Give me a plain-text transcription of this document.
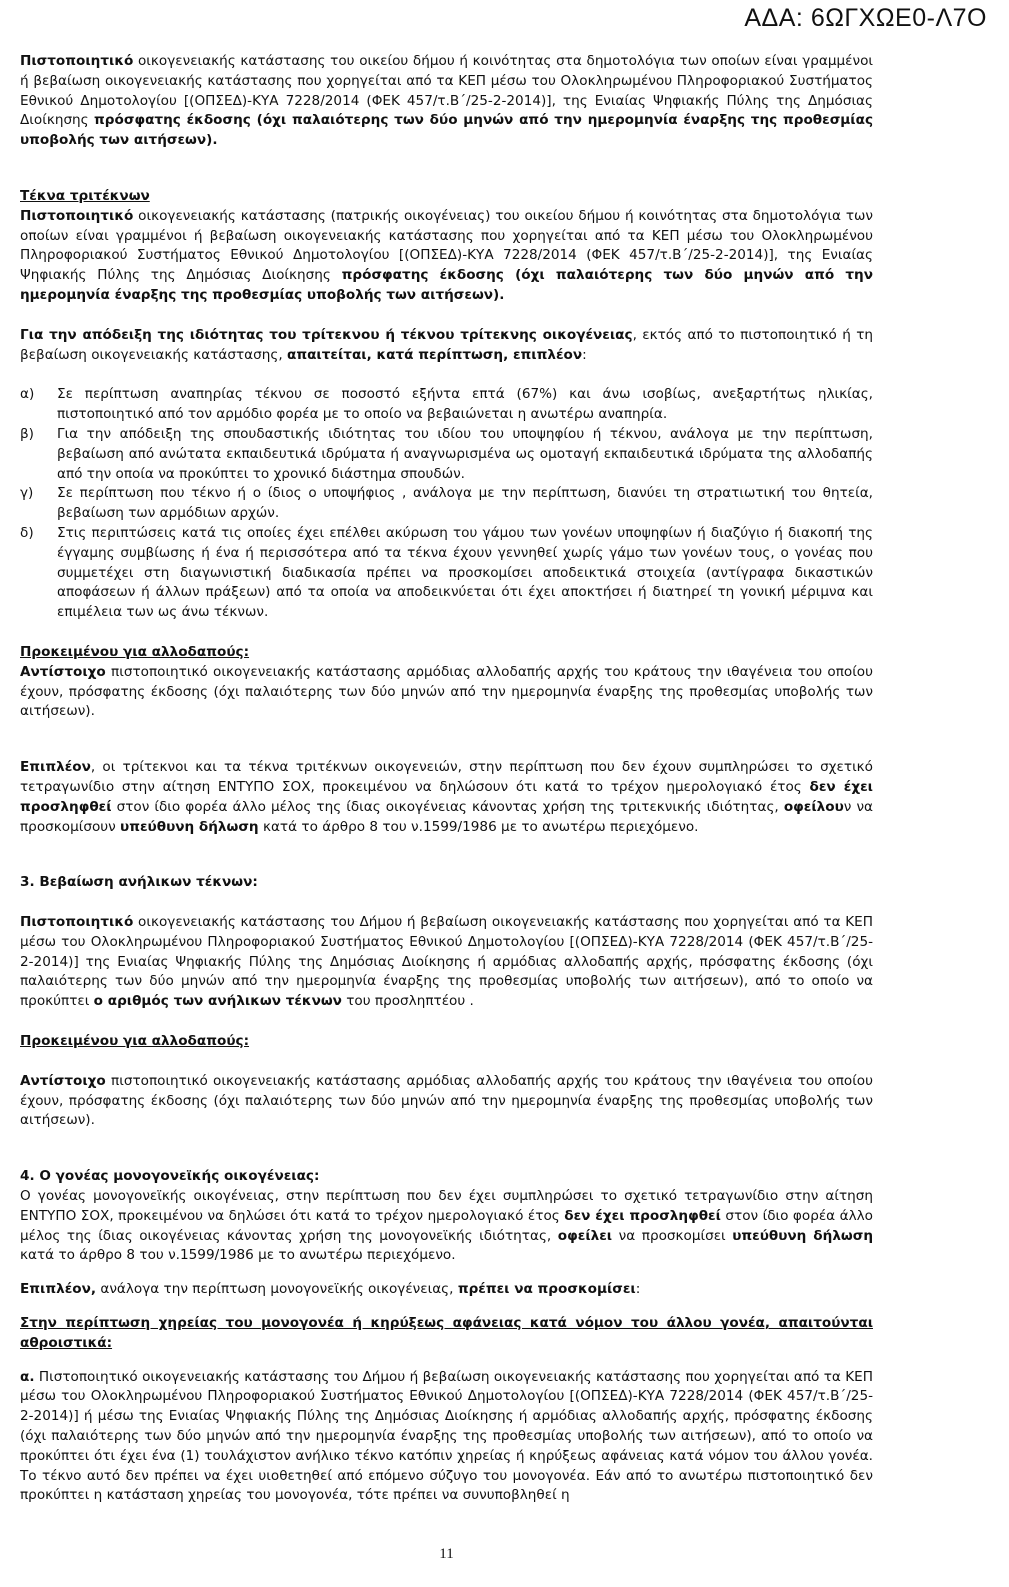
ΑΔΑ: 6ΩΓΧΩΕ0-Λ7Ο

Πιστοποιητικό οικογενειακής κατάστασης του οικείου δήμου ή κοινότητας στα δημοτολόγια των οποίων είναι γραμμένοι ή βεβαίωση οικογενειακής κατάστασης που χορηγείται από τα ΚΕΠ μέσω του Ολοκληρωμένου Πληροφοριακού Συστήματος Εθνικού Δημοτολογίου [(ΟΠΣΕΔ)-ΚΥΑ 7228/2014 (ΦΕΚ 457/τ.Β΄/25-2-2014)], της Ενιαίας Ψηφιακής Πύλης της Δημόσιας Διοίκησης πρόσφατης έκδοσης (όχι παλαιότερης των δύο μηνών από την ημερομηνία έναρξης της προθεσμίας υποβολής των αιτήσεων).

Τέκνα τριτέκνων

Πιστοποιητικό οικογενειακής κατάστασης (πατρικής οικογένειας) του οικείου δήμου ή κοινότητας στα δημοτολόγια των οποίων είναι γραμμένοι ή βεβαίωση οικογενειακής κατάστασης που χορηγείται από τα ΚΕΠ μέσω του Ολοκληρωμένου Πληροφοριακού Συστήματος Εθνικού Δημοτολογίου [(ΟΠΣΕΔ)-ΚΥΑ 7228/2014 (ΦΕΚ 457/τ.Β΄/25-2-2014)], της Ενιαίας Ψηφιακής Πύλης της Δημόσιας Διοίκησης πρόσφατης έκδοσης (όχι παλαιότερης των δύο μηνών από την ημερομηνία έναρξης της προθεσμίας υποβολής των αιτήσεων).

Για την απόδειξη της ιδιότητας του τρίτεκνου ή τέκνου τρίτεκνης οικογένειας, εκτός από το πιστοποιητικό ή τη βεβαίωση οικογενειακής κατάστασης, απαιτείται, κατά περίπτωση, επιπλέον:

α)	Σε περίπτωση αναπηρίας τέκνου σε ποσοστό εξήντα επτά (67%) και άνω ισοβίως, ανεξαρτήτως ηλικίας, πιστοποιητικό από τον αρμόδιο φορέα με το οποίο να βεβαιώνεται η ανωτέρω αναπηρία.
β)	Για την απόδειξη της σπουδαστικής ιδιότητας του ιδίου του υποψηφίου ή τέκνου, ανάλογα με την περίπτωση, βεβαίωση από ανώτατα εκπαιδευτικά ιδρύματα ή αναγνωρισμένα ως ομοταγή εκπαιδευτικά ιδρύματα της αλλοδαπής από την οποία να προκύπτει το χρονικό διάστημα σπουδών.
γ)	Σε περίπτωση που τέκνο ή ο ίδιος ο υποψήφιος , ανάλογα με την περίπτωση, διανύει τη στρατιωτική του θητεία, βεβαίωση των αρμόδιων αρχών.
δ)	Στις περιπτώσεις κατά τις οποίες έχει επέλθει ακύρωση του γάμου των γονέων υποψηφίων ή διαζύγιο ή διακοπή της έγγαμης συμβίωσης ή ένα ή περισσότερα από τα τέκνα έχουν γεννηθεί χωρίς γάμο των γονέων τους, ο γονέας που συμμετέχει στη διαγωνιστική διαδικασία πρέπει να προσκομίσει αποδεικτικά στοιχεία (αντίγραφα δικαστικών αποφάσεων ή άλλων πράξεων) από τα οποία να αποδεικνύεται ότι έχει αποκτήσει ή διατηρεί τη γονική μέριμνα και επιμέλεια των ως άνω τέκνων.

Προκειμένου για αλλοδαπούς:

Αντίστοιχο πιστοποιητικό οικογενειακής κατάστασης αρμόδιας αλλοδαπής αρχής του κράτους την ιθαγένεια του οποίου έχουν, πρόσφατης έκδοσης (όχι παλαιότερης των δύο μηνών από την ημερομηνία έναρξης της προθεσμίας υποβολής των αιτήσεων).

Επιπλέον, οι τρίτεκνοι και τα τέκνα τριτέκνων οικογενειών, στην περίπτωση που δεν έχουν συμπληρώσει το σχετικό τετραγωνίδιο στην αίτηση ΕΝΤΥΠΟ ΣΟΧ, προκειμένου να δηλώσουν ότι κατά το τρέχον ημερολογιακό έτος δεν έχει προσληφθεί στον ίδιο φορέα άλλο μέλος της ίδιας οικογένειας κάνοντας χρήση της τριτεκνικής ιδιότητας, οφείλουν να προσκομίσουν υπεύθυνη δήλωση κατά το άρθρο 8 του ν.1599/1986 με το ανωτέρω περιεχόμενο.

3. Βεβαίωση ανήλικων τέκνων:

Πιστοποιητικό οικογενειακής κατάστασης του Δήμου ή βεβαίωση οικογενειακής κατάστασης που χορηγείται από τα ΚΕΠ μέσω του Ολοκληρωμένου Πληροφοριακού Συστήματος Εθνικού Δημοτολογίου [(ΟΠΣΕΔ)-ΚΥΑ 7228/2014 (ΦΕΚ 457/τ.Β΄/25-2-2014)] της Ενιαίας Ψηφιακής Πύλης της Δημόσιας Διοίκησης ή αρμόδιας αλλοδαπής αρχής, πρόσφατης έκδοσης (όχι παλαιότερης των δύο μηνών από την ημερομηνία έναρξης της προθεσμίας υποβολής των αιτήσεων), από το οποίο να προκύπτει ο αριθμός των ανήλικων τέκνων του προσληπτέου .

Προκειμένου για αλλοδαπούς:

Αντίστοιχο πιστοποιητικό οικογενειακής κατάστασης αρμόδιας αλλοδαπής αρχής του κράτους την ιθαγένεια του οποίου έχουν, πρόσφατης έκδοσης (όχι παλαιότερης των δύο μηνών από την ημερομηνία έναρξης της προθεσμίας υποβολής των αιτήσεων).

4. Ο γονέας μονογονεϊκής οικογένειας:

Ο γονέας μονογονεϊκής οικογένειας, στην περίπτωση που δεν έχει συμπληρώσει το σχετικό τετραγωνίδιο στην αίτηση ΕΝΤΥΠΟ ΣΟΧ, προκειμένου να δηλώσει ότι κατά το τρέχον ημερολογιακό έτος δεν έχει προσληφθεί στον ίδιο φορέα άλλο μέλος της ίδιας οικογένειας κάνοντας χρήση της μονογονεϊκής ιδιότητας, οφείλει να προσκομίσει υπεύθυνη δήλωση κατά το άρθρο 8 του ν.1599/1986 με το ανωτέρω περιεχόμενο.

Επιπλέον, ανάλογα την περίπτωση μονογονεϊκής οικογένειας, πρέπει να προσκομίσει:

Στην περίπτωση χηρείας του μονογονέα ή κηρύξεως αφάνειας κατά νόμον του άλλου γονέα, απαιτούνται αθροιστικά:

α. Πιστοποιητικό οικογενειακής κατάστασης του Δήμου ή βεβαίωση οικογενειακής κατάστασης που χορηγείται από τα ΚΕΠ μέσω του Ολοκληρωμένου Πληροφοριακού Συστήματος Εθνικού Δημοτολογίου [(ΟΠΣΕΔ)-ΚΥΑ 7228/2014 (ΦΕΚ 457/τ.Β΄/25-2-2014)] ή μέσω της Ενιαίας Ψηφιακής Πύλης της Δημόσιας Διοίκησης ή αρμόδιας αλλοδαπής αρχής, πρόσφατης έκδοσης (όχι παλαιότερης των δύο μηνών από την ημερομηνία έναρξης της προθεσμίας υποβολής των αιτήσεων), από το οποίο να προκύπτει ότι έχει ένα (1) τουλάχιστον ανήλικο τέκνο κατόπιν χηρείας ή κηρύξεως αφάνειας κατά νόμον του άλλου γονέα. Το τέκνο αυτό δεν πρέπει να έχει υιοθετηθεί από επόμενο σύζυγο του μονογονέα. Εάν από το ανωτέρω πιστοποιητικό δεν προκύπτει η κατάσταση χηρείας του μονογονέα, τότε πρέπει να συνυποβληθεί η

11
